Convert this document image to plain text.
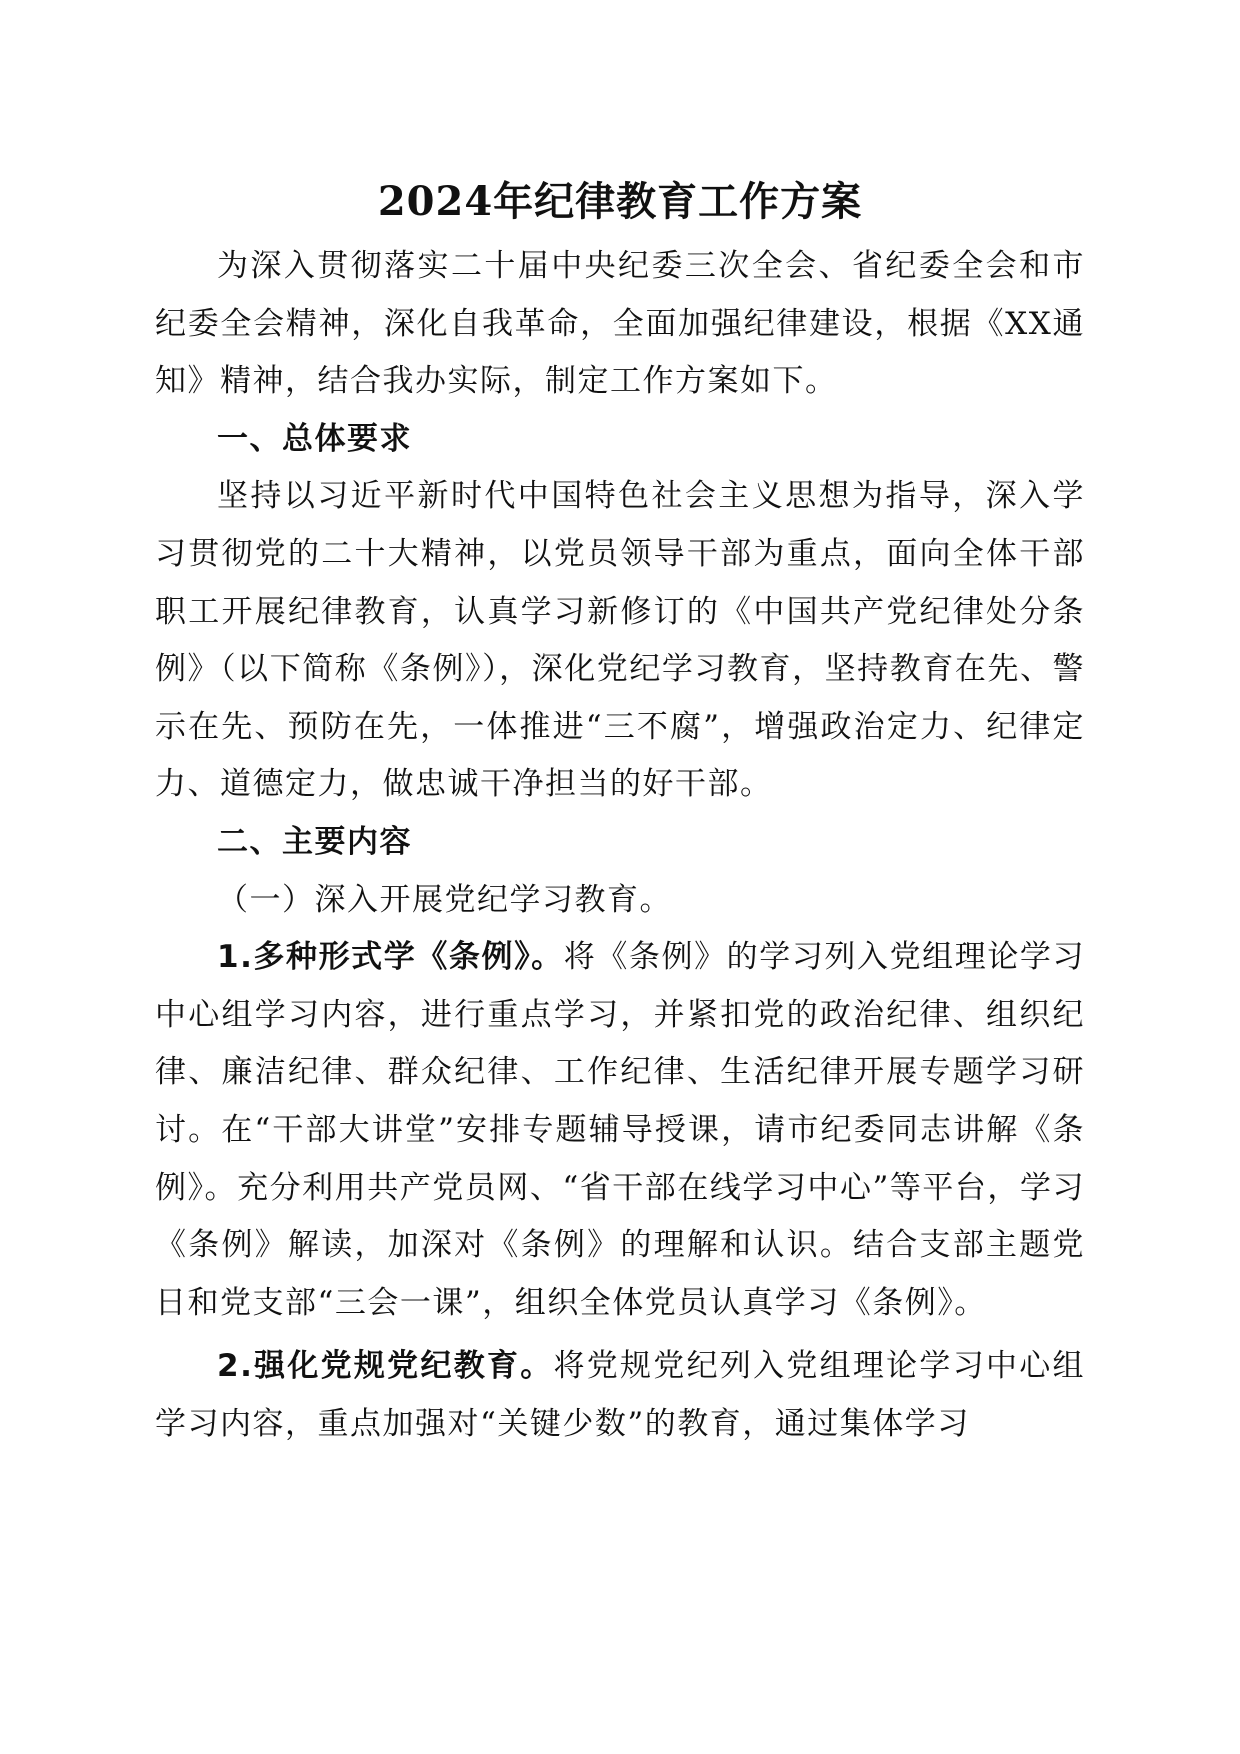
2024年纪律教育工作方案

为深入贯彻落实二十届中央纪委三次全会、省纪委全会和市纪委全会精神，深化自我革命，全面加强纪律建设，根据《XX通知》精神，结合我办实际，制定工作方案如下。

一、总体要求

坚持以习近平新时代中国特色社会主义思想为指导，深入学习贯彻党的二十大精神，以党员领导干部为重点，面向全体干部职工开展纪律教育，认真学习新修订的《中国共产党纪律处分条例》（以下简称《条例》），深化党纪学习教育，坚持教育在先、警示在先、预防在先，一体推进“三不腐”，增强政治定力、纪律定力、道德定力，做忠诚干净担当的好干部。

二、主要内容

（一）深入开展党纪学习教育。

1.多种形式学《条例》。将《条例》的学习列入党组理论学习中心组学习内容，进行重点学习，并紧扣党的政治纪律、组织纪律、廉洁纪律、群众纪律、工作纪律、生活纪律开展专题学习研讨。在“干部大讲堂”安排专题辅导授课，请市纪委同志讲解《条例》。充分利用共产党员网、“省干部在线学习中心”等平台，学习《条例》解读，加深对《条例》的理解和认识。结合支部主题党日和党支部“三会一课”，组织全体党员认真学习《条例》。

2.强化党规党纪教育。将党规党纪列入党组理论学习中心组学习内容，重点加强对“关键少数”的教育，通过集体学习
